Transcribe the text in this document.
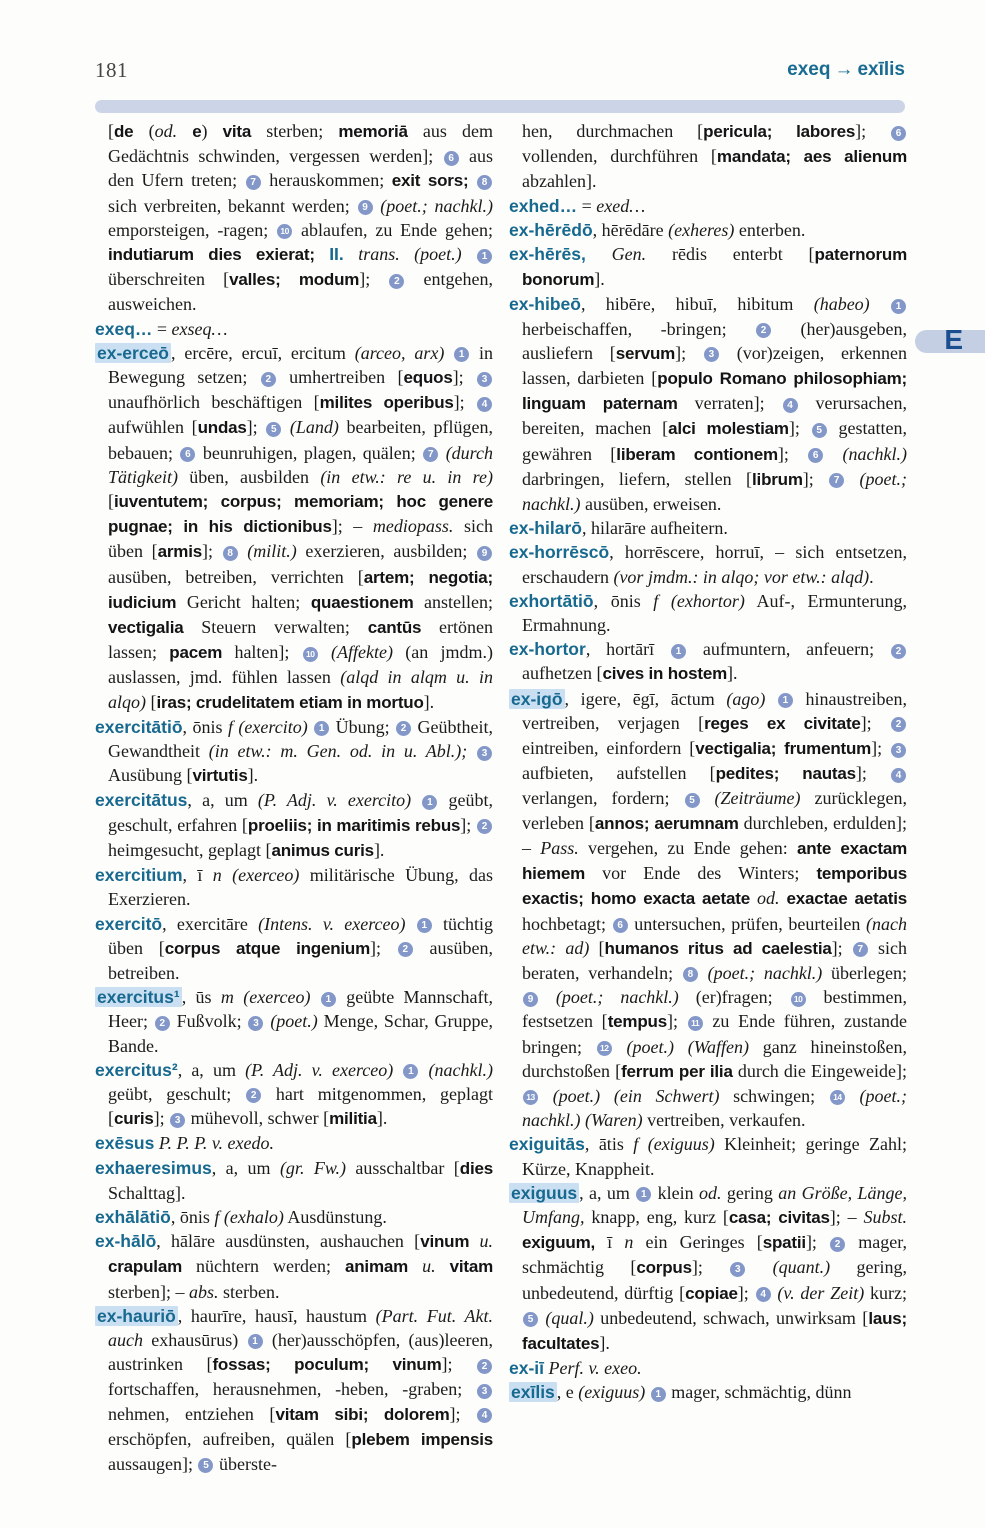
181	exeq → exīlis
E

[de (od. e) vita sterben; memoriā aus dem Gedächtnis schwinden, vergessen werden]; 6 aus den Ufern treten; 7 herauskommen; exit sors; 8 sich verbreiten, bekannt werden; 9 (poet.; nachkl.) emporsteigen, -ragen; 10 ablaufen, zu Ende gehen; indutiarum dies exierat; II. trans. (poet.) 1 überschreiten [valles; modum]; 2 entgehen, ausweichen.

exeq… = exseq…

ex-erceō , ercēre, ercuī, ercitum (arceo, arx) 1 in Bewegung setzen; 2 umhertreiben [equos]; 3 unaufhörlich beschäftigen [milites operibus]; 4 aufwühlen [undas]; 5 (Land) bearbeiten, pflügen, bebauen; 6 beunruhigen, plagen, quälen; 7 (durch Tätigkeit) üben, ausbilden (in etw.: re u. in re) [iuventutem; corpus; memoriam; hoc genere pugnae; in his dictionibus]; – mediopass. sich üben [armis]; 8 (milit.) exerzieren, ausbilden; 9 ausüben, betreiben, verrichten [artem; negotia; iudicium Gericht halten; quaestionem anstellen; vectigalia Steuern verwalten; cantūs ertönen lassen; pacem halten]; 10 (Affekte) (an jmdm.) auslassen, jmd. fühlen lassen (alqd in alqm u. in alqo) [iras; crudelitatem etiam in mortuo].

exercitātiō, ōnis f (exercito) 1 Übung; 2 Geübtheit, Gewandtheit (in etw.: m. Gen. od. in u. Abl.); 3 Ausübung [virtutis].

exercitātus, a, um (P. Adj. v. exercito) 1 geübt, geschult, erfahren [proeliis; in maritimis rebus]; 2 heimgesucht, geplagt [animus curis].

exercitium, ī n (exerceo) militärische Übung, das Exerzieren.

exercitō, exercitāre (Intens. v. exerceo) 1 tüchtig üben [corpus atque ingenium]; 2 ausüben, betreiben.

exercitus¹ , ūs m (exerceo) 1 geübte Mannschaft, Heer; 2 Fußvolk; 3 (poet.) Menge, Schar, Gruppe, Bande.

exercitus², a, um (P. Adj. v. exerceo) 1 (nachkl.) geübt, geschult; 2 hart mitgenommen, geplagt [curis]; 3 mühevoll, schwer [militia].

exēsus P. P. P. v. exedo.

exhaeresimus, a, um (gr. Fw.) ausschaltbar [dies Schalttag].

exhālātiō, ōnis f (exhalo) Ausdünstung.

ex-hālō, hālāre ausdünsten, aushauchen [vinum u. crapulam nüchtern werden; animam u. vitam sterben]; – abs. sterben.

ex-hauriō , haurīre, hausī, haustum (Part. Fut. Akt. auch exhausūrus) 1 (her)ausschöpfen, (aus)leeren, austrinken [fossas; poculum; vinum]; 2 fortschaffen, herausnehmen, -heben, -graben; 3 nehmen, entziehen [vitam sibi; dolorem]; 4 erschöpfen, aufreiben, quälen [plebem impensis aussaugen]; 5 überste-

hen, durchmachen [pericula; labores]; 6 vollenden, durchführen [mandata; aes alienum abzahlen].

exhed… = exed…

ex-hērēdō, hērēdāre (exheres) enterben.

ex-hērēs, Gen. rēdis enterbt [paternorum bonorum].

ex-hibeō, hibēre, hibuī, hibitum (habeo)	1 herbeischaffen, -bringen; 2 (her)ausgeben, ausliefern [servum]; 3 (vor)zeigen, erkennen lassen, darbieten [populo Romano philosophiam; linguam paternam verraten]; 4 verursachen, bereiten, machen [alci molestiam]; 5 gestatten, gewähren [liberam contionem]; 6 (nachkl.) darbringen, liefern, stellen [librum]; 7 (poet.; nachkl.) ausüben, erweisen.

ex-hilarō, hilarāre aufheitern.

ex-horrēscō, horrēscere, horruī, – sich entsetzen, erschaudern (vor jmdm.: in alqo; vor etw.: alqd).

exhortātiō, ōnis f (exhortor) Auf-, Ermunterung, Ermahnung.

ex-hortor, hortārī 1 aufmuntern, anfeuern; 2 aufhetzen [cives in hostem].

ex-igō , igere, ēgī, āctum (ago) 1 hinaustreiben, vertreiben, verjagen [reges ex civitate]; 2 eintreiben, einfordern [vectigalia; frumentum]; 3 aufbieten, aufstellen [pedites; nautas]; 4 verlangen, fordern; 5 (Zeiträume) zurücklegen, verleben [annos; aerumnam durchleben, erdulden]; – Pass. vergehen, zu Ende gehen: ante exactam hiemem vor Ende des Winters; temporibus exactis; homo exacta aetate od. exactae aetatis hochbetagt; 6 untersuchen, prüfen, beurteilen (nach etw.: ad) [humanos ritus ad caelestia]; 7 sich beraten, verhandeln; 8 (poet.; nachkl.) überlegen; 9 (poet.; nachkl.) (er)fragen; 10 bestimmen, festsetzen [tempus]; 11 zu Ende führen, zustande bringen; 12 (poet.) (Waffen) ganz hineinstoßen, durchstoßen [ferrum per ilia durch die Eingeweide]; 13 (poet.) (ein Schwert) schwingen; 14 (poet.; nachkl.) (Waren) vertreiben, verkaufen.

exiguitās, ātis f (exiguus) Kleinheit; geringe Zahl; Kürze, Knappheit.

exiguus , a, um 1 klein od. gering an Größe, Länge, Umfang, knapp, eng, kurz [casa; civitas]; – Subst. exiguum, ī n ein Geringes [spatii]; 2 mager, schmächtig [corpus]; 3 (quant.) gering, unbedeutend, dürftig [copiae]; 4 (v. der Zeit) kurz; 5 (qual.) unbedeutend, schwach, unwirksam [laus; facultates].

ex-iī Perf. v. exeo.

exīlis , e (exiguus) 1 mager, schmächtig, dünn
